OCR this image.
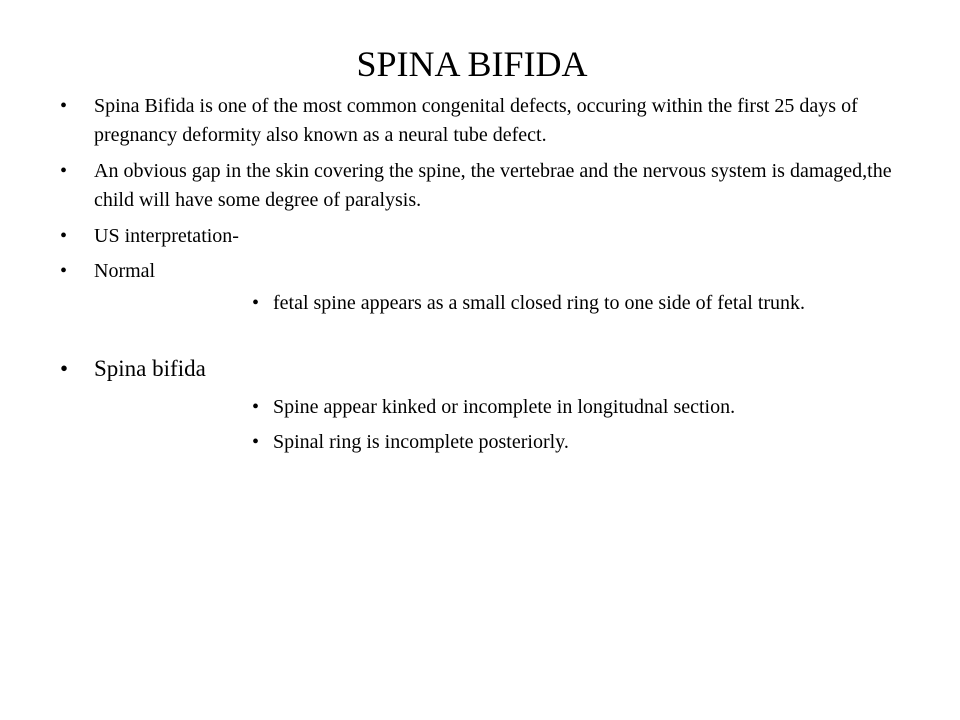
SPINA BIFIDA
•	Spina Bifida is one of the most common congenital defects, occuring within the first 25 days of pregnancy deformity also known as a neural tube defect.
•	An obvious gap in the skin covering the spine, the vertebrae and the nervous system is damaged,the child will have some degree of paralysis.
•	US interpretation-
•	Normal
• fetal spine appears as a small closed ring to one side of fetal trunk.
•	Spina bifida
• Spine appear kinked or incomplete in longitudnal section.
• Spinal ring is incomplete posteriorly.
